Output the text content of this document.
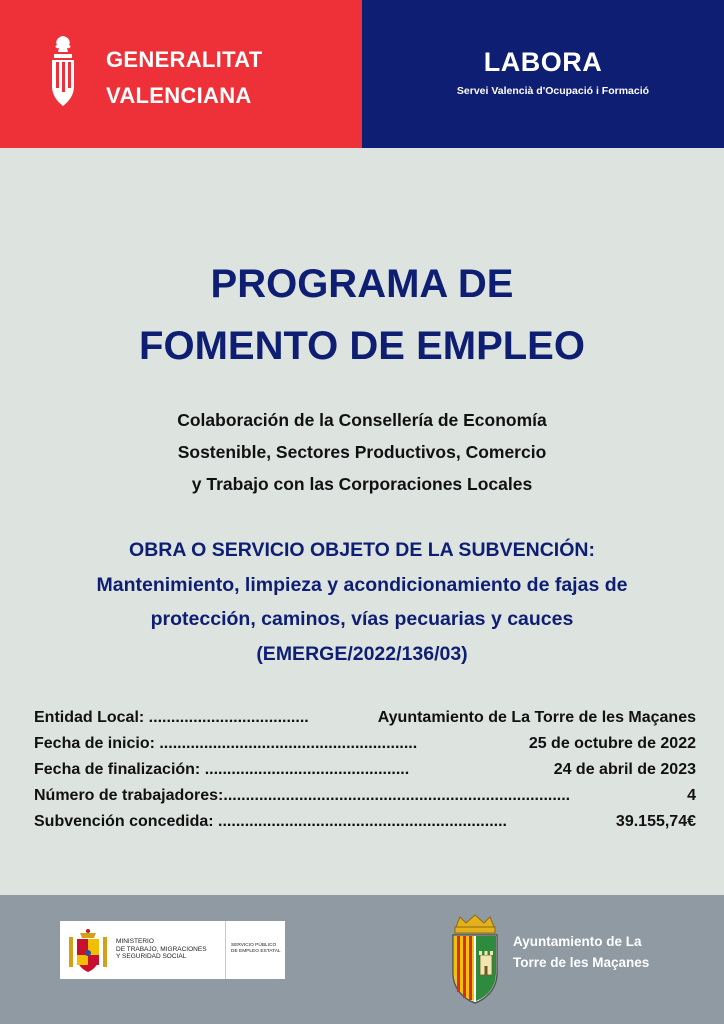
GENERALITAT
VALENCIANA
LABORA
Servei Valencià d'Ocupació i Formació
PROGRAMA DE
FOMENTO DE EMPLEO
Colaboración de la Consellería de Economía
Sostenible, Sectores Productivos, Comercio
y Trabajo con las Corporaciones Locales
OBRA O SERVICIO OBJETO DE LA SUBVENCIÓN:
Mantenimiento, limpieza y acondicionamiento de fajas de
protección, caminos, vías pecuarias y cauces
(EMERGE/2022/136/03)
Entidad Local: ....................................	Ayuntamiento de La Torre de les Maçanes
Fecha de inicio: ..........................................................	25 de octubre de 2022
Fecha de finalización: ..............................................	24 de abril de 2023
Número de trabajadores:..............................................................................	4
Subvención concedida: .................................................................	39.155,74€
MINISTERIO
DE TRABAJO, MIGRACIONES
Y SEGURIDAD SOCIAL
SERVICIO PÚBLICO
DE EMPLEO ESTATAL
Ayuntamiento de La
Torre de les Maçanes
